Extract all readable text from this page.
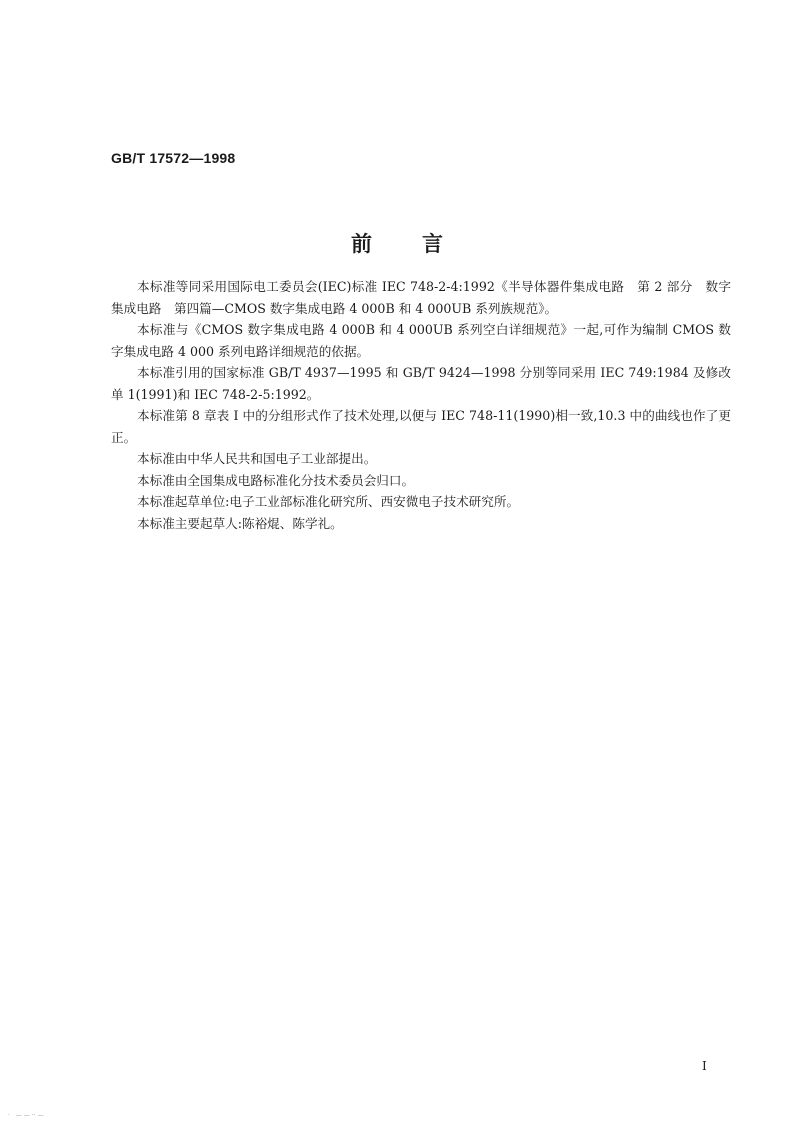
GB/T 17572—1998
前 言

本标准等同采用国际电工委员会(IEC)标准 IEC 748-2-4:1992《半导体器件集成电路　第 2 部分　数字集成电路　第四篇—CMOS 数字集成电路 4 000B 和 4 000UB 系列族规范》。

本标准与《CMOS 数字集成电路 4 000B 和 4 000UB 系列空白详细规范》一起,可作为编制 CMOS 数字集成电路 4 000 系列电路详细规范的依据。

本标准引用的国家标准 GB/T 4937—1995 和 GB/T 9424—1998 分别等同采用 IEC 749:1984 及修改单 1(1991)和 IEC 748-2-5:1992。

本标准第 8 章表 I 中的分组形式作了技术处理,以便与 IEC 748-11(1990)相一致,10.3 中的曲线也作了更正。

本标准由中华人民共和国电子工业部提出。

本标准由全国集成电路标准化分技术委员会归口。

本标准起草单位:电子工业部标准化研究所、西安微电子技术研究所。

本标准主要起草人:陈裕焜、陈学礼。

I
·　— — ·· —
